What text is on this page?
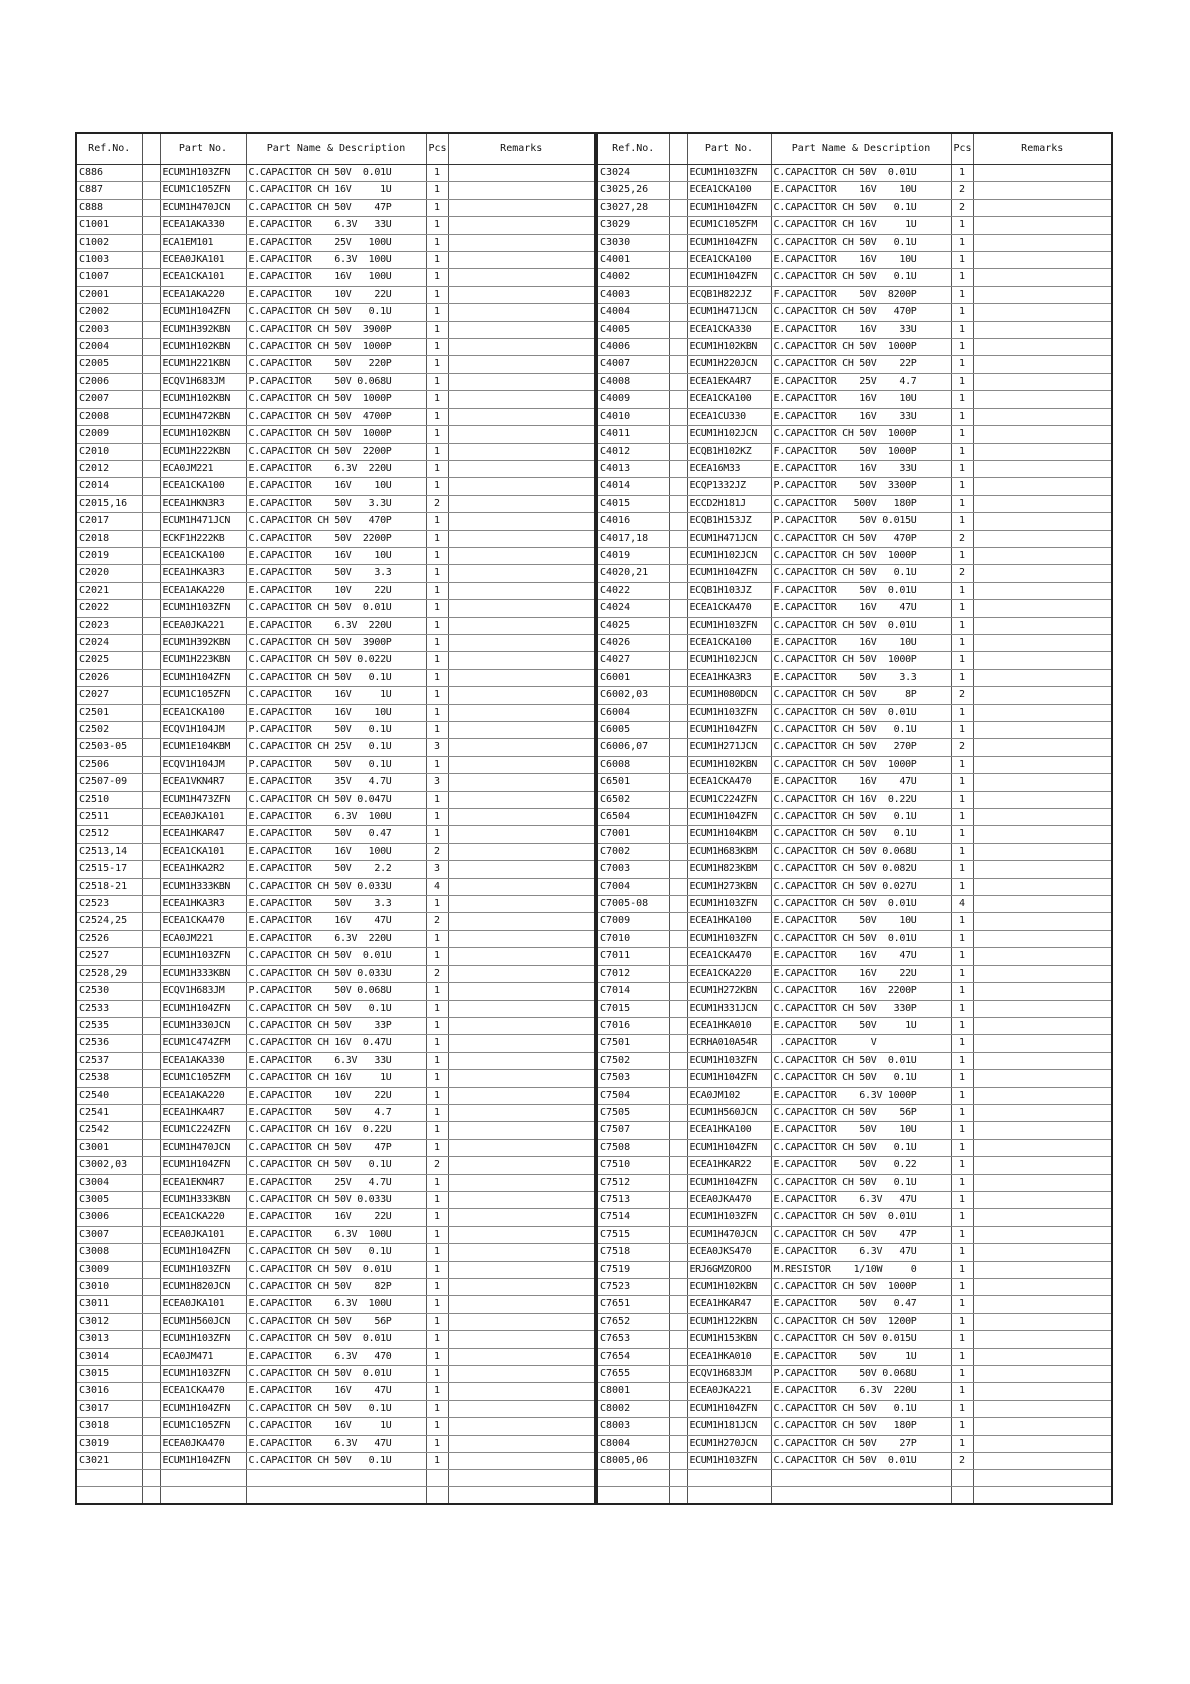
Ref.No.		Part No.	Part Name & Description	Pcs	Remarks
C886		ECUM1H103ZFN	C.CAPACITOR CH 50V  0.01U	1	
C887		ECUM1C105ZFN	C.CAPACITOR CH 16V     1U	1	
C888		ECUM1H470JCN	C.CAPACITOR CH 50V    47P	1	
C1001		ECEA1AKA330	E.CAPACITOR    6.3V   33U	1	
C1002		ECA1EM101	E.CAPACITOR    25V   100U	1	
C1003		ECEA0JKA101	E.CAPACITOR    6.3V  100U	1	
C1007		ECEA1CKA101	E.CAPACITOR    16V   100U	1	
C2001		ECEA1AKA220	E.CAPACITOR    10V    22U	1	
C2002		ECUM1H104ZFN	C.CAPACITOR CH 50V   0.1U	1	
C2003		ECUM1H392KBN	C.CAPACITOR CH 50V  3900P	1	
C2004		ECUM1H102KBN	C.CAPACITOR CH 50V  1000P	1	
C2005		ECUM1H221KBN	C.CAPACITOR    50V   220P	1	
C2006		ECQV1H683JM	P.CAPACITOR    50V 0.068U	1	
C2007		ECUM1H102KBN	C.CAPACITOR CH 50V  1000P	1	
C2008		ECUM1H472KBN	C.CAPACITOR CH 50V  4700P	1	
C2009		ECUM1H102KBN	C.CAPACITOR CH 50V  1000P	1	
C2010		ECUM1H222KBN	C.CAPACITOR CH 50V  2200P	1	
C2012		ECA0JM221	E.CAPACITOR    6.3V  220U	1	
C2014		ECEA1CKA100	E.CAPACITOR    16V    10U	1	
C2015,16		ECEA1HKN3R3	E.CAPACITOR    50V   3.3U	2	
C2017		ECUM1H471JCN	C.CAPACITOR CH 50V   470P	1	
C2018		ECKF1H222KB	C.CAPACITOR    50V  2200P	1	
C2019		ECEA1CKA100	E.CAPACITOR    16V    10U	1	
C2020		ECEA1HKA3R3	E.CAPACITOR    50V    3.3	1	
C2021		ECEA1AKA220	E.CAPACITOR    10V    22U	1	
C2022		ECUM1H103ZFN	C.CAPACITOR CH 50V  0.01U	1	
C2023		ECEA0JKA221	E.CAPACITOR    6.3V  220U	1	
C2024		ECUM1H392KBN	C.CAPACITOR CH 50V  3900P	1	
C2025		ECUM1H223KBN	C.CAPACITOR CH 50V 0.022U	1	
C2026		ECUM1H104ZFN	C.CAPACITOR CH 50V   0.1U	1	
C2027		ECUM1C105ZFN	C.CAPACITOR    16V     1U	1	
C2501		ECEA1CKA100	E.CAPACITOR    16V    10U	1	
C2502		ECQV1H104JM	P.CAPACITOR    50V   0.1U	1	
C2503-05		ECUM1E104KBM	C.CAPACITOR CH 25V   0.1U	3	
C2506		ECQV1H104JM	P.CAPACITOR    50V   0.1U	1	
C2507-09		ECEA1VKN4R7	E.CAPACITOR    35V   4.7U	3	
C2510		ECUM1H473ZFN	C.CAPACITOR CH 50V 0.047U	1	
C2511		ECEA0JKA101	E.CAPACITOR    6.3V  100U	1	
C2512		ECEA1HKAR47	E.CAPACITOR    50V   0.47	1	
C2513,14		ECEA1CKA101	E.CAPACITOR    16V   100U	2	
C2515-17		ECEA1HKA2R2	E.CAPACITOR    50V    2.2	3	
C2518-21		ECUM1H333KBN	C.CAPACITOR CH 50V 0.033U	4	
C2523		ECEA1HKA3R3	E.CAPACITOR    50V    3.3	1	
C2524,25		ECEA1CKA470	E.CAPACITOR    16V    47U	2	
C2526		ECA0JM221	E.CAPACITOR    6.3V  220U	1	
C2527		ECUM1H103ZFN	C.CAPACITOR CH 50V  0.01U	1	
C2528,29		ECUM1H333KBN	C.CAPACITOR CH 50V 0.033U	2	
C2530		ECQV1H683JM	P.CAPACITOR    50V 0.068U	1	
C2533		ECUM1H104ZFN	C.CAPACITOR CH 50V   0.1U	1	
C2535		ECUM1H330JCN	C.CAPACITOR CH 50V    33P	1	
C2536		ECUM1C474ZFM	C.CAPACITOR CH 16V  0.47U	1	
C2537		ECEA1AKA330	E.CAPACITOR    6.3V   33U	1	
C2538		ECUM1C105ZFM	C.CAPACITOR CH 16V     1U	1	
C2540		ECEA1AKA220	E.CAPACITOR    10V    22U	1	
C2541		ECEA1HKA4R7	E.CAPACITOR    50V    4.7	1	
C2542		ECUM1C224ZFN	C.CAPACITOR CH 16V  0.22U	1	
C3001		ECUM1H470JCN	C.CAPACITOR CH 50V    47P	1	
C3002,03		ECUM1H104ZFN	C.CAPACITOR CH 50V   0.1U	2	
C3004		ECEA1EKN4R7	E.CAPACITOR    25V   4.7U	1	
C3005		ECUM1H333KBN	C.CAPACITOR CH 50V 0.033U	1	
C3006		ECEA1CKA220	E.CAPACITOR    16V    22U	1	
C3007		ECEA0JKA101	E.CAPACITOR    6.3V  100U	1	
C3008		ECUM1H104ZFN	C.CAPACITOR CH 50V   0.1U	1	
C3009		ECUM1H103ZFN	C.CAPACITOR CH 50V  0.01U	1	
C3010		ECUM1H820JCN	C.CAPACITOR CH 50V    82P	1	
C3011		ECEA0JKA101	E.CAPACITOR    6.3V  100U	1	
C3012		ECUM1H560JCN	C.CAPACITOR CH 50V    56P	1	
C3013		ECUM1H103ZFN	C.CAPACITOR CH 50V  0.01U	1	
C3014		ECA0JM471	E.CAPACITOR    6.3V   470	1	
C3015		ECUM1H103ZFN	C.CAPACITOR CH 50V  0.01U	1	
C3016		ECEA1CKA470	E.CAPACITOR    16V    47U	1	
C3017		ECUM1H104ZFN	C.CAPACITOR CH 50V   0.1U	1	
C3018		ECUM1C105ZFN	C.CAPACITOR    16V     1U	1	
C3019		ECEA0JKA470	E.CAPACITOR    6.3V   47U	1	
C3021		ECUM1H104ZFN	C.CAPACITOR CH 50V   0.1U	1	

Ref.No.		Part No.	Part Name & Description	Pcs	Remarks
C3024		ECUM1H103ZFN	C.CAPACITOR CH 50V  0.01U	1	
C3025,26		ECEA1CKA100	E.CAPACITOR    16V    10U	2	
C3027,28		ECUM1H104ZFN	C.CAPACITOR CH 50V   0.1U	2	
C3029		ECUM1C105ZFM	C.CAPACITOR CH 16V     1U	1	
C3030		ECUM1H104ZFN	C.CAPACITOR CH 50V   0.1U	1	
C4001		ECEA1CKA100	E.CAPACITOR    16V    10U	1	
C4002		ECUM1H104ZFN	C.CAPACITOR CH 50V   0.1U	1	
C4003		ECQB1H822JZ	F.CAPACITOR    50V  8200P	1	
C4004		ECUM1H471JCN	C.CAPACITOR CH 50V   470P	1	
C4005		ECEA1CKA330	E.CAPACITOR    16V    33U	1	
C4006		ECUM1H102KBN	C.CAPACITOR CH 50V  1000P	1	
C4007		ECUM1H220JCN	C.CAPACITOR CH 50V    22P	1	
C4008		ECEA1EKA4R7	E.CAPACITOR    25V    4.7	1	
C4009		ECEA1CKA100	E.CAPACITOR    16V    10U	1	
C4010		ECEA1CU330	E.CAPACITOR    16V    33U	1	
C4011		ECUM1H102JCN	C.CAPACITOR CH 50V  1000P	1	
C4012		ECQB1H102KZ	F.CAPACITOR    50V  1000P	1	
C4013		ECEA16M33	E.CAPACITOR    16V    33U	1	
C4014		ECQP1332JZ	P.CAPACITOR    50V  3300P	1	
C4015		ECCD2H181J	C.CAPACITOR   500V   180P	1	
C4016		ECQB1H153JZ	P.CAPACITOR    50V 0.015U	1	
C4017,18		ECUM1H471JCN	C.CAPACITOR CH 50V   470P	2	
C4019		ECUM1H102JCN	C.CAPACITOR CH 50V  1000P	1	
C4020,21		ECUM1H104ZFN	C.CAPACITOR CH 50V   0.1U	2	
C4022		ECQB1H103JZ	F.CAPACITOR    50V  0.01U	1	
C4024		ECEA1CKA470	E.CAPACITOR    16V    47U	1	
C4025		ECUM1H103ZFN	C.CAPACITOR CH 50V  0.01U	1	
C4026		ECEA1CKA100	E.CAPACITOR    16V    10U	1	
C4027		ECUM1H102JCN	C.CAPACITOR CH 50V  1000P	1	
C6001		ECEA1HKA3R3	E.CAPACITOR    50V    3.3	1	
C6002,03		ECUM1H080DCN	C.CAPACITOR CH 50V     8P	2	
C6004		ECUM1H103ZFN	C.CAPACITOR CH 50V  0.01U	1	
C6005		ECUM1H104ZFN	C.CAPACITOR CH 50V   0.1U	1	
C6006,07		ECUM1H271JCN	C.CAPACITOR CH 50V   270P	2	
C6008		ECUM1H102KBN	C.CAPACITOR CH 50V  1000P	1	
C6501		ECEA1CKA470	E.CAPACITOR    16V    47U	1	
C6502		ECUM1C224ZFN	C.CAPACITOR CH 16V  0.22U	1	
C6504		ECUM1H104ZFN	C.CAPACITOR CH 50V   0.1U	1	
C7001		ECUM1H104KBM	C.CAPACITOR CH 50V   0.1U	1	
C7002		ECUM1H683KBM	C.CAPACITOR CH 50V 0.068U	1	
C7003		ECUM1H823KBM	C.CAPACITOR CH 50V 0.082U	1	
C7004		ECUM1H273KBN	C.CAPACITOR CH 50V 0.027U	1	
C7005-08		ECUM1H103ZFN	C.CAPACITOR CH 50V  0.01U	4	
C7009		ECEA1HKA100	E.CAPACITOR    50V    10U	1	
C7010		ECUM1H103ZFN	C.CAPACITOR CH 50V  0.01U	1	
C7011		ECEA1CKA470	E.CAPACITOR    16V    47U	1	
C7012		ECEA1CKA220	E.CAPACITOR    16V    22U	1	
C7014		ECUM1H272KBN	C.CAPACITOR    16V  2200P	1	
C7015		ECUM1H331JCN	C.CAPACITOR CH 50V   330P	1	
C7016		ECEA1HKA010	E.CAPACITOR    50V     1U	1	
C7501		ECRHA010A54R	.CAPACITOR      V	1	
C7502		ECUM1H103ZFN	C.CAPACITOR CH 50V  0.01U	1	
C7503		ECUM1H104ZFN	C.CAPACITOR CH 50V   0.1U	1	
C7504		ECA0JM102	E.CAPACITOR    6.3V 1000P	1	
C7505		ECUM1H560JCN	C.CAPACITOR CH 50V    56P	1	
C7507		ECEA1HKA100	E.CAPACITOR    50V    10U	1	
C7508		ECUM1H104ZFN	C.CAPACITOR CH 50V   0.1U	1	
C7510		ECEA1HKAR22	E.CAPACITOR    50V   0.22	1	
C7512		ECUM1H104ZFN	C.CAPACITOR CH 50V   0.1U	1	
C7513		ECEA0JKA470	E.CAPACITOR    6.3V   47U	1	
C7514		ECUM1H103ZFN	C.CAPACITOR CH 50V  0.01U	1	
C7515		ECUM1H470JCN	C.CAPACITOR CH 50V    47P	1	
C7518		ECEA0JKS470	E.CAPACITOR    6.3V   47U	1	
C7519		ERJ6GMZOROO	M.RESISTOR    1/10W     0	1	
C7523		ECUM1H102KBN	C.CAPACITOR CH 50V  1000P	1	
C7651		ECEA1HKAR47	E.CAPACITOR    50V   0.47	1	
C7652		ECUM1H122KBN	C.CAPACITOR CH 50V  1200P	1	
C7653		ECUM1H153KBN	C.CAPACITOR CH 50V 0.015U	1	
C7654		ECEA1HKA010	E.CAPACITOR    50V     1U	1	
C7655		ECQV1H683JM	P.CAPACITOR    50V 0.068U	1	
C8001		ECEA0JKA221	E.CAPACITOR    6.3V  220U	1	
C8002		ECUM1H104ZFN	C.CAPACITOR CH 50V   0.1U	1	
C8003		ECUM1H181JCN	C.CAPACITOR CH 50V   180P	1	
C8004		ECUM1H270JCN	C.CAPACITOR CH 50V    27P	1	
C8005,06		ECUM1H103ZFN	C.CAPACITOR CH 50V  0.01U	2	
